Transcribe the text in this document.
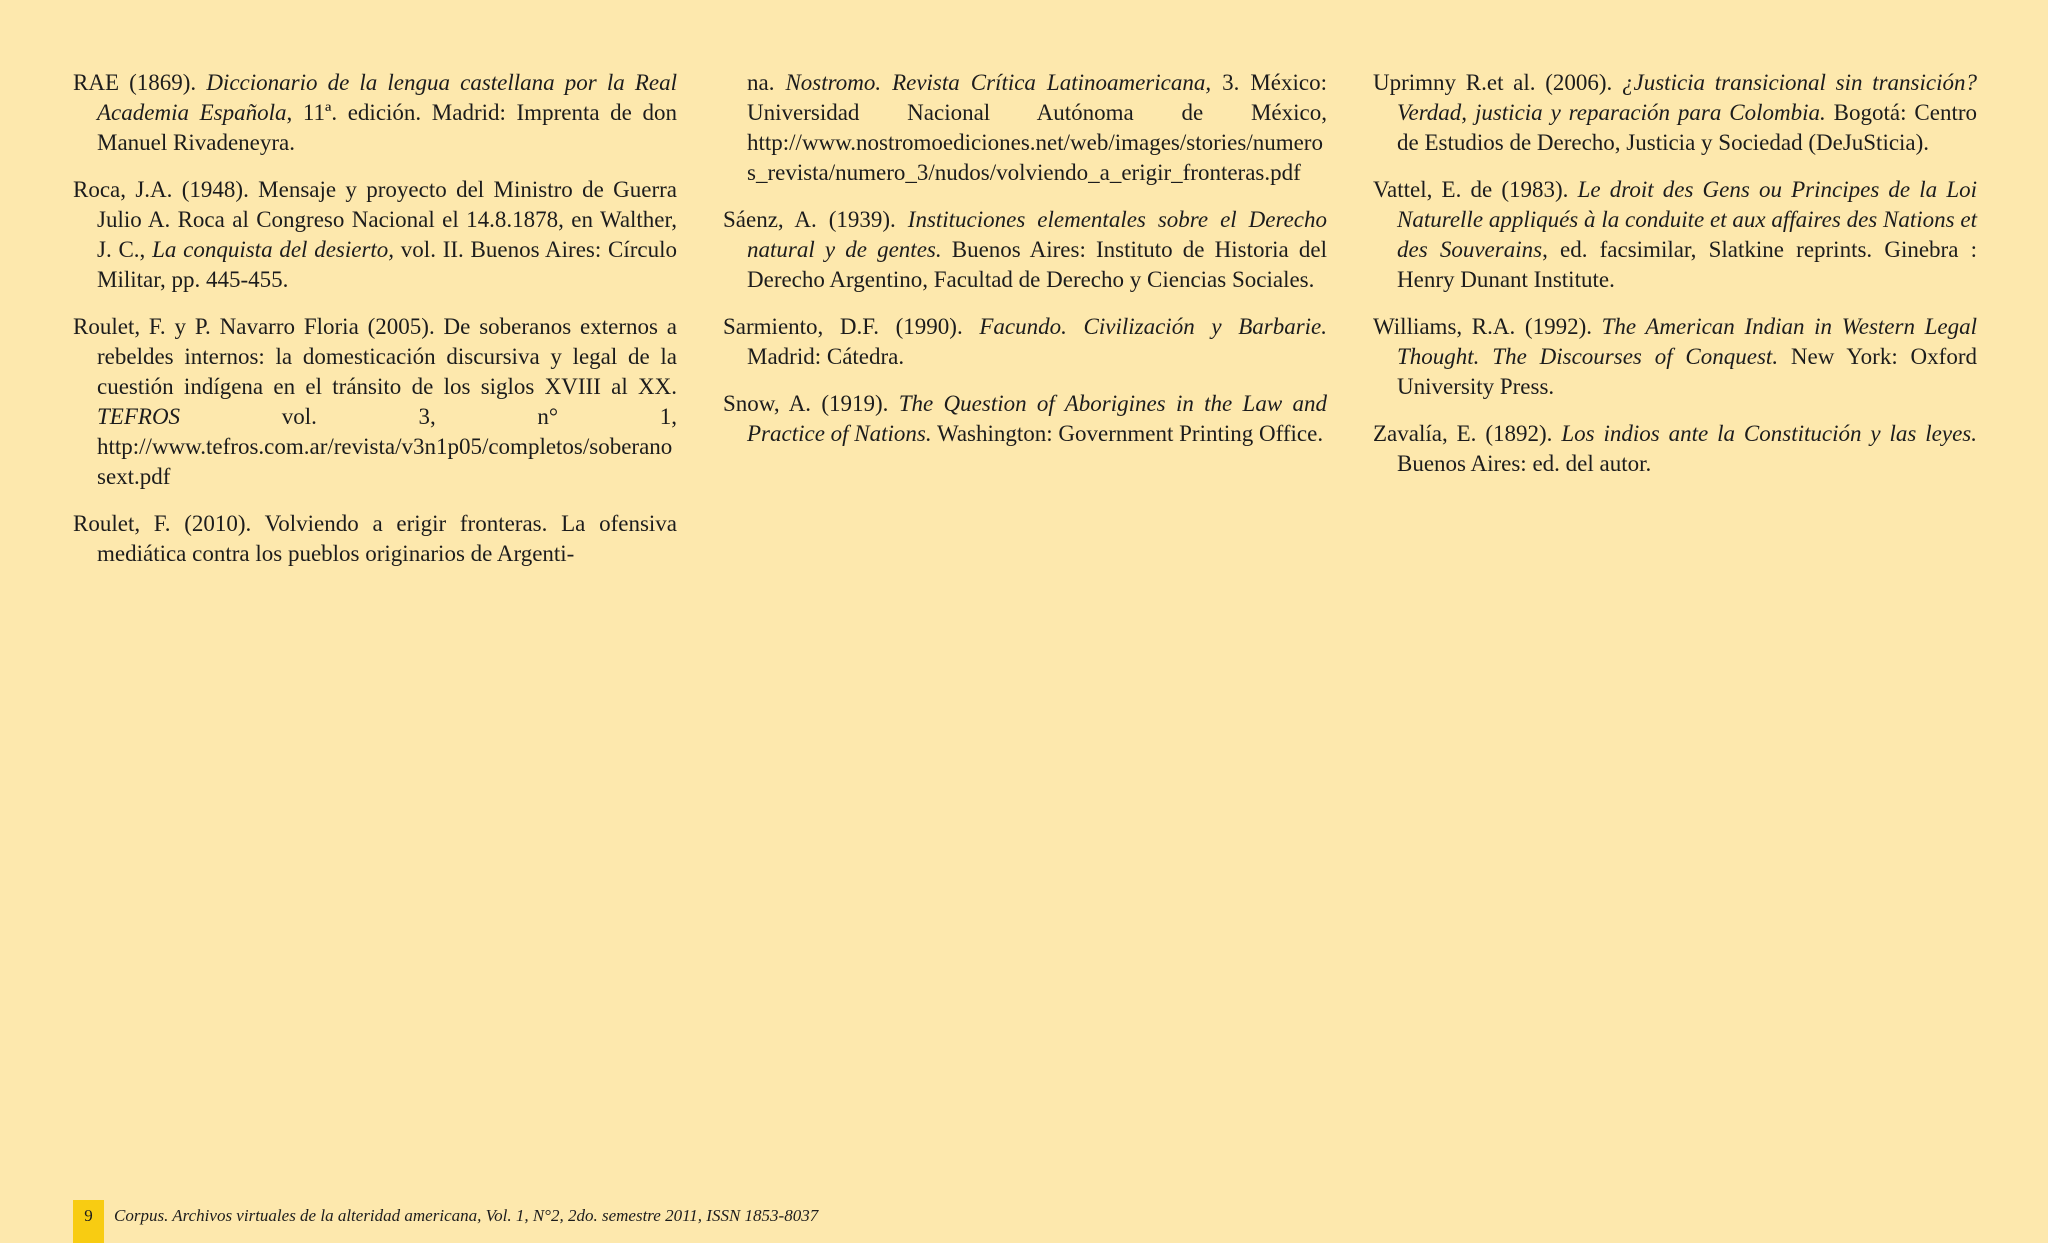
RAE (1869). Diccionario de la lengua castellana por la Real Academia Española, 11ª. edición. Madrid: Imprenta de don Manuel Rivadeneyra.

Roca, J.A. (1948). Mensaje y proyecto del Ministro de Guerra Julio A. Roca al Congreso Nacional el 14.8.1878, en Walther, J. C., La conquista del desierto, vol. II. Buenos Aires: Círculo Militar, pp. 445-455.

Roulet, F. y P. Navarro Floria (2005). De soberanos externos a rebeldes internos: la domesticación discursiva y legal de la cuestión indígena en el tránsito de los siglos XVIII al XX. TEFROS vol. 3, n° 1, http://www.tefros.com.ar/revista/v3n1p05/completos/soberanosext.pdf

Roulet, F. (2010). Volviendo a erigir fronteras. La ofensiva mediática contra los pueblos originarios de Argenti-

na. Nostromo. Revista Crítica Latinoamericana, 3. México: Universidad Nacional Autónoma de México, http://www.nostromoediciones.net/web/images/stories/numeros_revista/numero_3/nudos/volviendo_a_erigir_fronteras.pdf

Sáenz, A. (1939). Instituciones elementales sobre el Derecho natural y de gentes. Buenos Aires: Instituto de Historia del Derecho Argentino, Facultad de Derecho y Ciencias Sociales.

Sarmiento, D.F. (1990). Facundo. Civilización y Barbarie. Madrid: Cátedra.

Snow, A. (1919). The Question of Aborigines in the Law and Practice of Nations. Washington: Government Printing Office.

Uprimny R.et al. (2006). ¿Justicia transicional sin transición? Verdad, justicia y reparación para Colombia. Bogotá: Centro de Estudios de Derecho, Justicia y Sociedad (DeJuSticia).

Vattel, E. de (1983). Le droit des Gens ou Principes de la Loi Naturelle appliqués à la conduite et aux affaires des Nations et des Souverains, ed. facsimilar, Slatkine reprints. Ginebra : Henry Dunant Institute.

Williams, R.A. (1992). The American Indian in Western Legal Thought. The Discourses of Conquest. New York: Oxford University Press.

Zavalía, E. (1892). Los indios ante la Constitución y las leyes. Buenos Aires: ed. del autor.

9	Corpus. Archivos virtuales de la alteridad americana, Vol. 1, N°2, 2do. semestre 2011, ISSN 1853-8037
